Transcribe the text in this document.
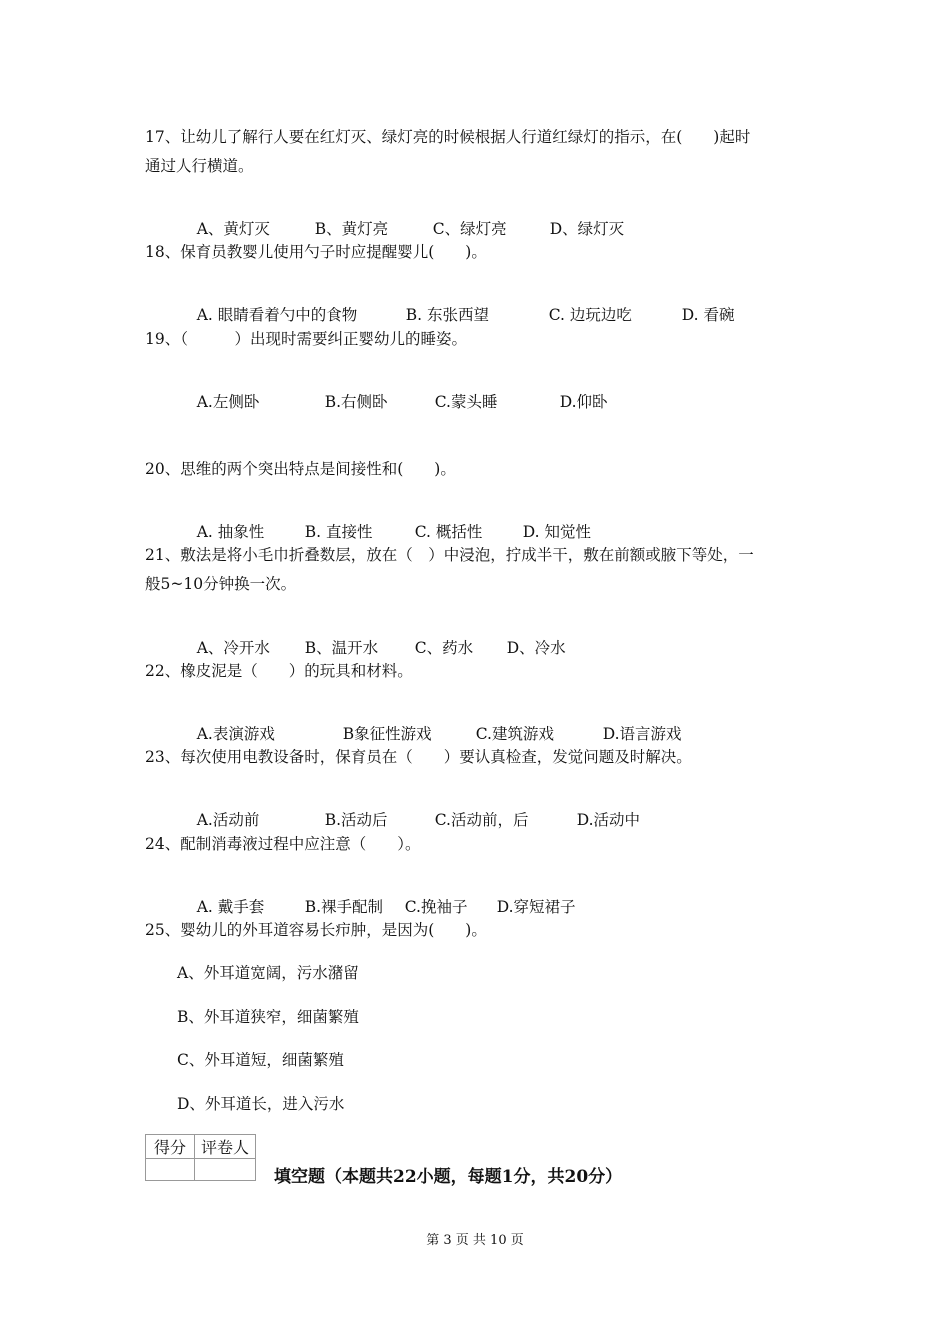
17、让幼儿了解行人要在红灯灭、绿灯亮的时候根据人行道红绿灯的指示，在(　　)起时
通过人行横道。

A、黄灯灭	B、黄灯亮	C、绿灯亮	D、绿灯灭

18、保育员教婴儿使用勺子时应提醒婴儿(　　)。

A. 眼睛看着勺中的食物	B. 东张西望	C. 边玩边吃	D. 看碗

19、（　　　）出现时需要纠正婴幼儿的睡姿。

A.左侧卧	B.右侧卧	C.蒙头睡	D.仰卧

20、思维的两个突出特点是间接性和(　　)。

A. 抽象性	B. 直接性	C. 概括性	D. 知觉性

21、敷法是将小毛巾折叠数层，放在（　）中浸泡，拧成半干，敷在前额或腋下等处，一
般5~10分钟换一次。

A、冷开水 B、温开水 C、药水 D、冷水

22、橡皮泥是（　　）的玩具和材料。

A.表演游戏	B象征性游戏	C.建筑游戏	D.语言游戏

23、每次使用电教设备时，保育员在（　　）要认真检查，发觉问题及时解决。

A.活动前	B.活动后	C.活动前，后	D.活动中

24、配制消毒液过程中应注意（　　）。

A. 戴手套	B.裸手配制 C.挽袖子 D.穿短裙子

25、婴幼儿的外耳道容易长疖肿，是因为(　　)。
A、外耳道宽阔，污水潴留
B、外耳道狭窄，细菌繁殖
C、外耳道短，细菌繁殖
D、外耳道长，进入污水
得分	评卷人

填空题（本题共22小题，每题1分，共20分）
第 3 页 共 10 页
